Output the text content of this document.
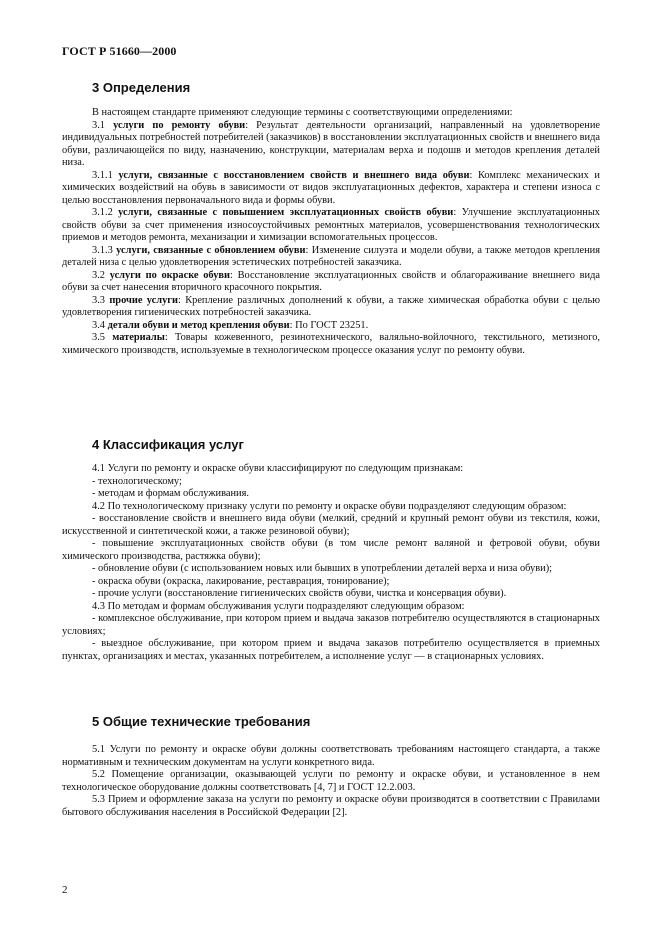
ГОСТ Р 51660—2000
3 Определения

В настоящем стандарте применяют следующие термины с соответствующими определениями:

3.1 услуги по ремонту обуви: Результат деятельности организаций, направленный на удовлетворение индивидуальных потребностей потребителей (заказчиков) в восстановлении эксплуатационных свойств и внешнего вида обуви, различающейся по виду, назначению, конструкции, материалам верха и подошв и методов крепления деталей низа.

3.1.1 услуги, связанные с восстановлением свойств и внешнего вида обуви: Комплекс механических и химических воздействий на обувь в зависимости от видов эксплуатационных дефектов, характера и степени износа с целью восстановления первоначального вида и формы обуви.

3.1.2 услуги, связанные с повышением эксплуатационных свойств обуви: Улучшение эксплуатационных свойств обуви за счет применения износоустойчивых ремонтных материалов, усовершенствования технологических приемов и методов ремонта, механизации и химизации вспомогательных процессов.

3.1.3 услуги, связанные с обновлением обуви: Изменение силуэта и модели обуви, а также методов крепления деталей низа с целью удовлетворения эстетических потребностей заказчика.

3.2 услуги по окраске обуви: Восстановление эксплуатационных свойств и облагораживание внешнего вида обуви за счет нанесения вторичного красочного покрытия.

3.3 прочие услуги: Крепление различных дополнений к обуви, а также химическая обработка обуви с целью удовлетворения гигиенических потребностей заказчика.

3.4 детали обуви и метод крепления обуви: По ГОСТ 23251.

3.5 материалы: Товары кожевенного, резинотехнического, валяльно-войлочного, текстильного, метизного, химического производств, используемые в технологическом процессе оказания услуг по ремонту обуви.

4 Классификация услуг

4.1 Услуги по ремонту и окраске обуви классифицируют по следующим признакам:

- технологическому;

- методам и формам обслуживания.

4.2 По технологическому признаку услуги по ремонту и окраске обуви подразделяют следующим образом:

- восстановление свойств и внешнего вида обуви (мелкий, средний и крупный ремонт обуви из текстиля, кожи, искусственной и синтетической кожи, а также резиновой обуви);

- повышение эксплуатационных свойств обуви (в том числе ремонт валяной и фетровой обуви, обуви химического производства, растяжка обуви);

- обновление обуви (с использованием новых или бывших в употреблении деталей верха и низа обуви);

- окраска обуви (окраска, лакирование, реставрация, тонирование);

- прочие услуги (восстановление гигиенических свойств обуви, чистка и консервация обуви).

4.3 По методам и формам обслуживания услуги подразделяют следующим образом:

- комплексное обслуживание, при котором прием и выдача заказов потребителю осуществляются в стационарных условиях;

- выездное обслуживание, при котором прием и выдача заказов потребителю осуществляется в приемных пунктах, организациях и местах, указанных потребителем, а исполнение услуг — в стационарных условиях.

5 Общие технические требования

5.1 Услуги по ремонту и окраске обуви должны соответствовать требованиям настоящего стандарта, а также нормативным и техническим документам на услуги конкретного вида.

5.2 Помещение организации, оказывающей услуги по ремонту и окраске обуви, и установленное в нем технологическое оборудование должны соответствовать [4, 7] и ГОСТ 12.2.003.

5.3 Прием и оформление заказа на услуги по ремонту и окраске обуви производятся в соответствии с Правилами бытового обслуживания населения в Российской Федерации [2].

2
